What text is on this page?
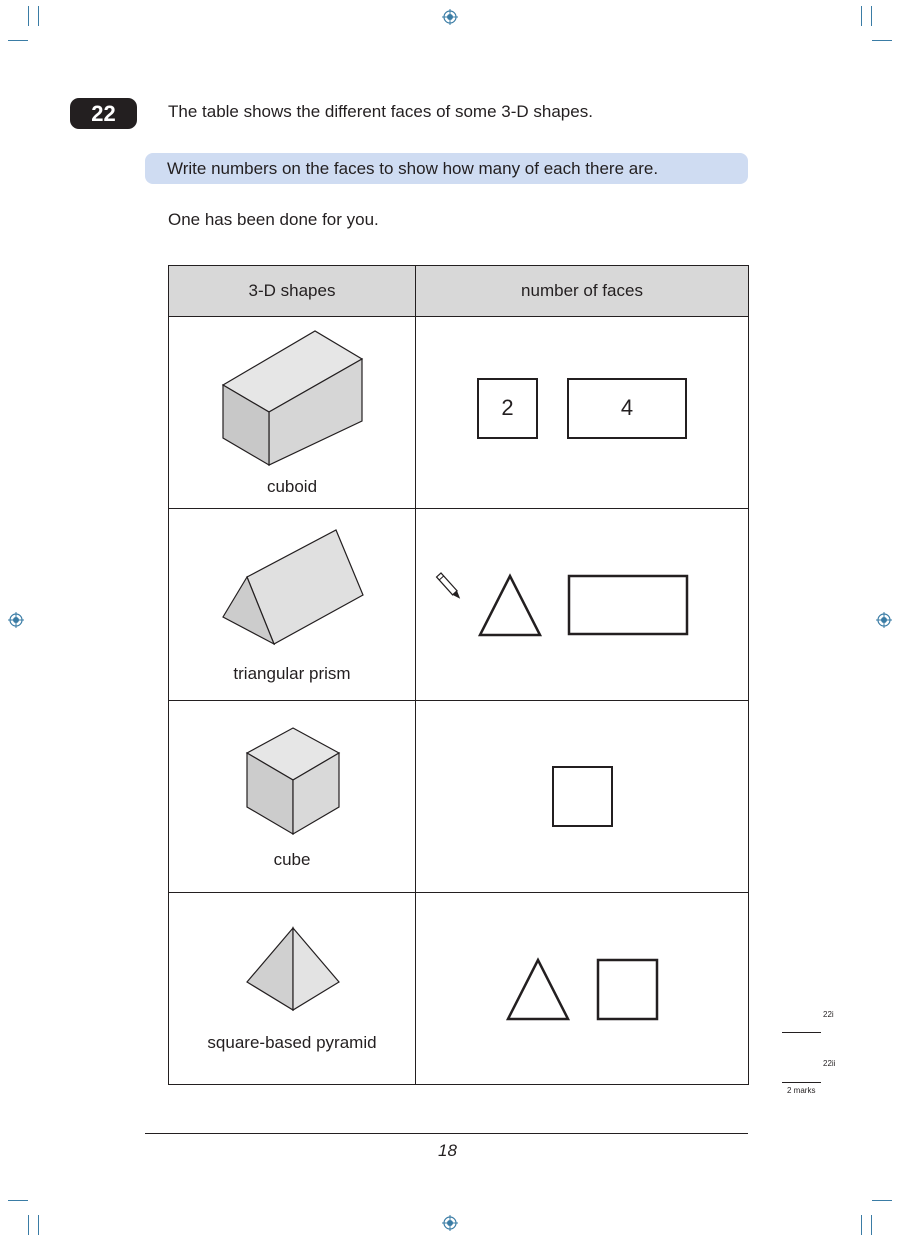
22	The table shows the different faces of some 3-D shapes.
Write numbers on the faces to show how many of each there are.
One has been done for you.
3-D shapes	number of faces

cuboid	2 4

triangular prism

cube	

square-based pyramid

22i
22ii
2 marks
18
